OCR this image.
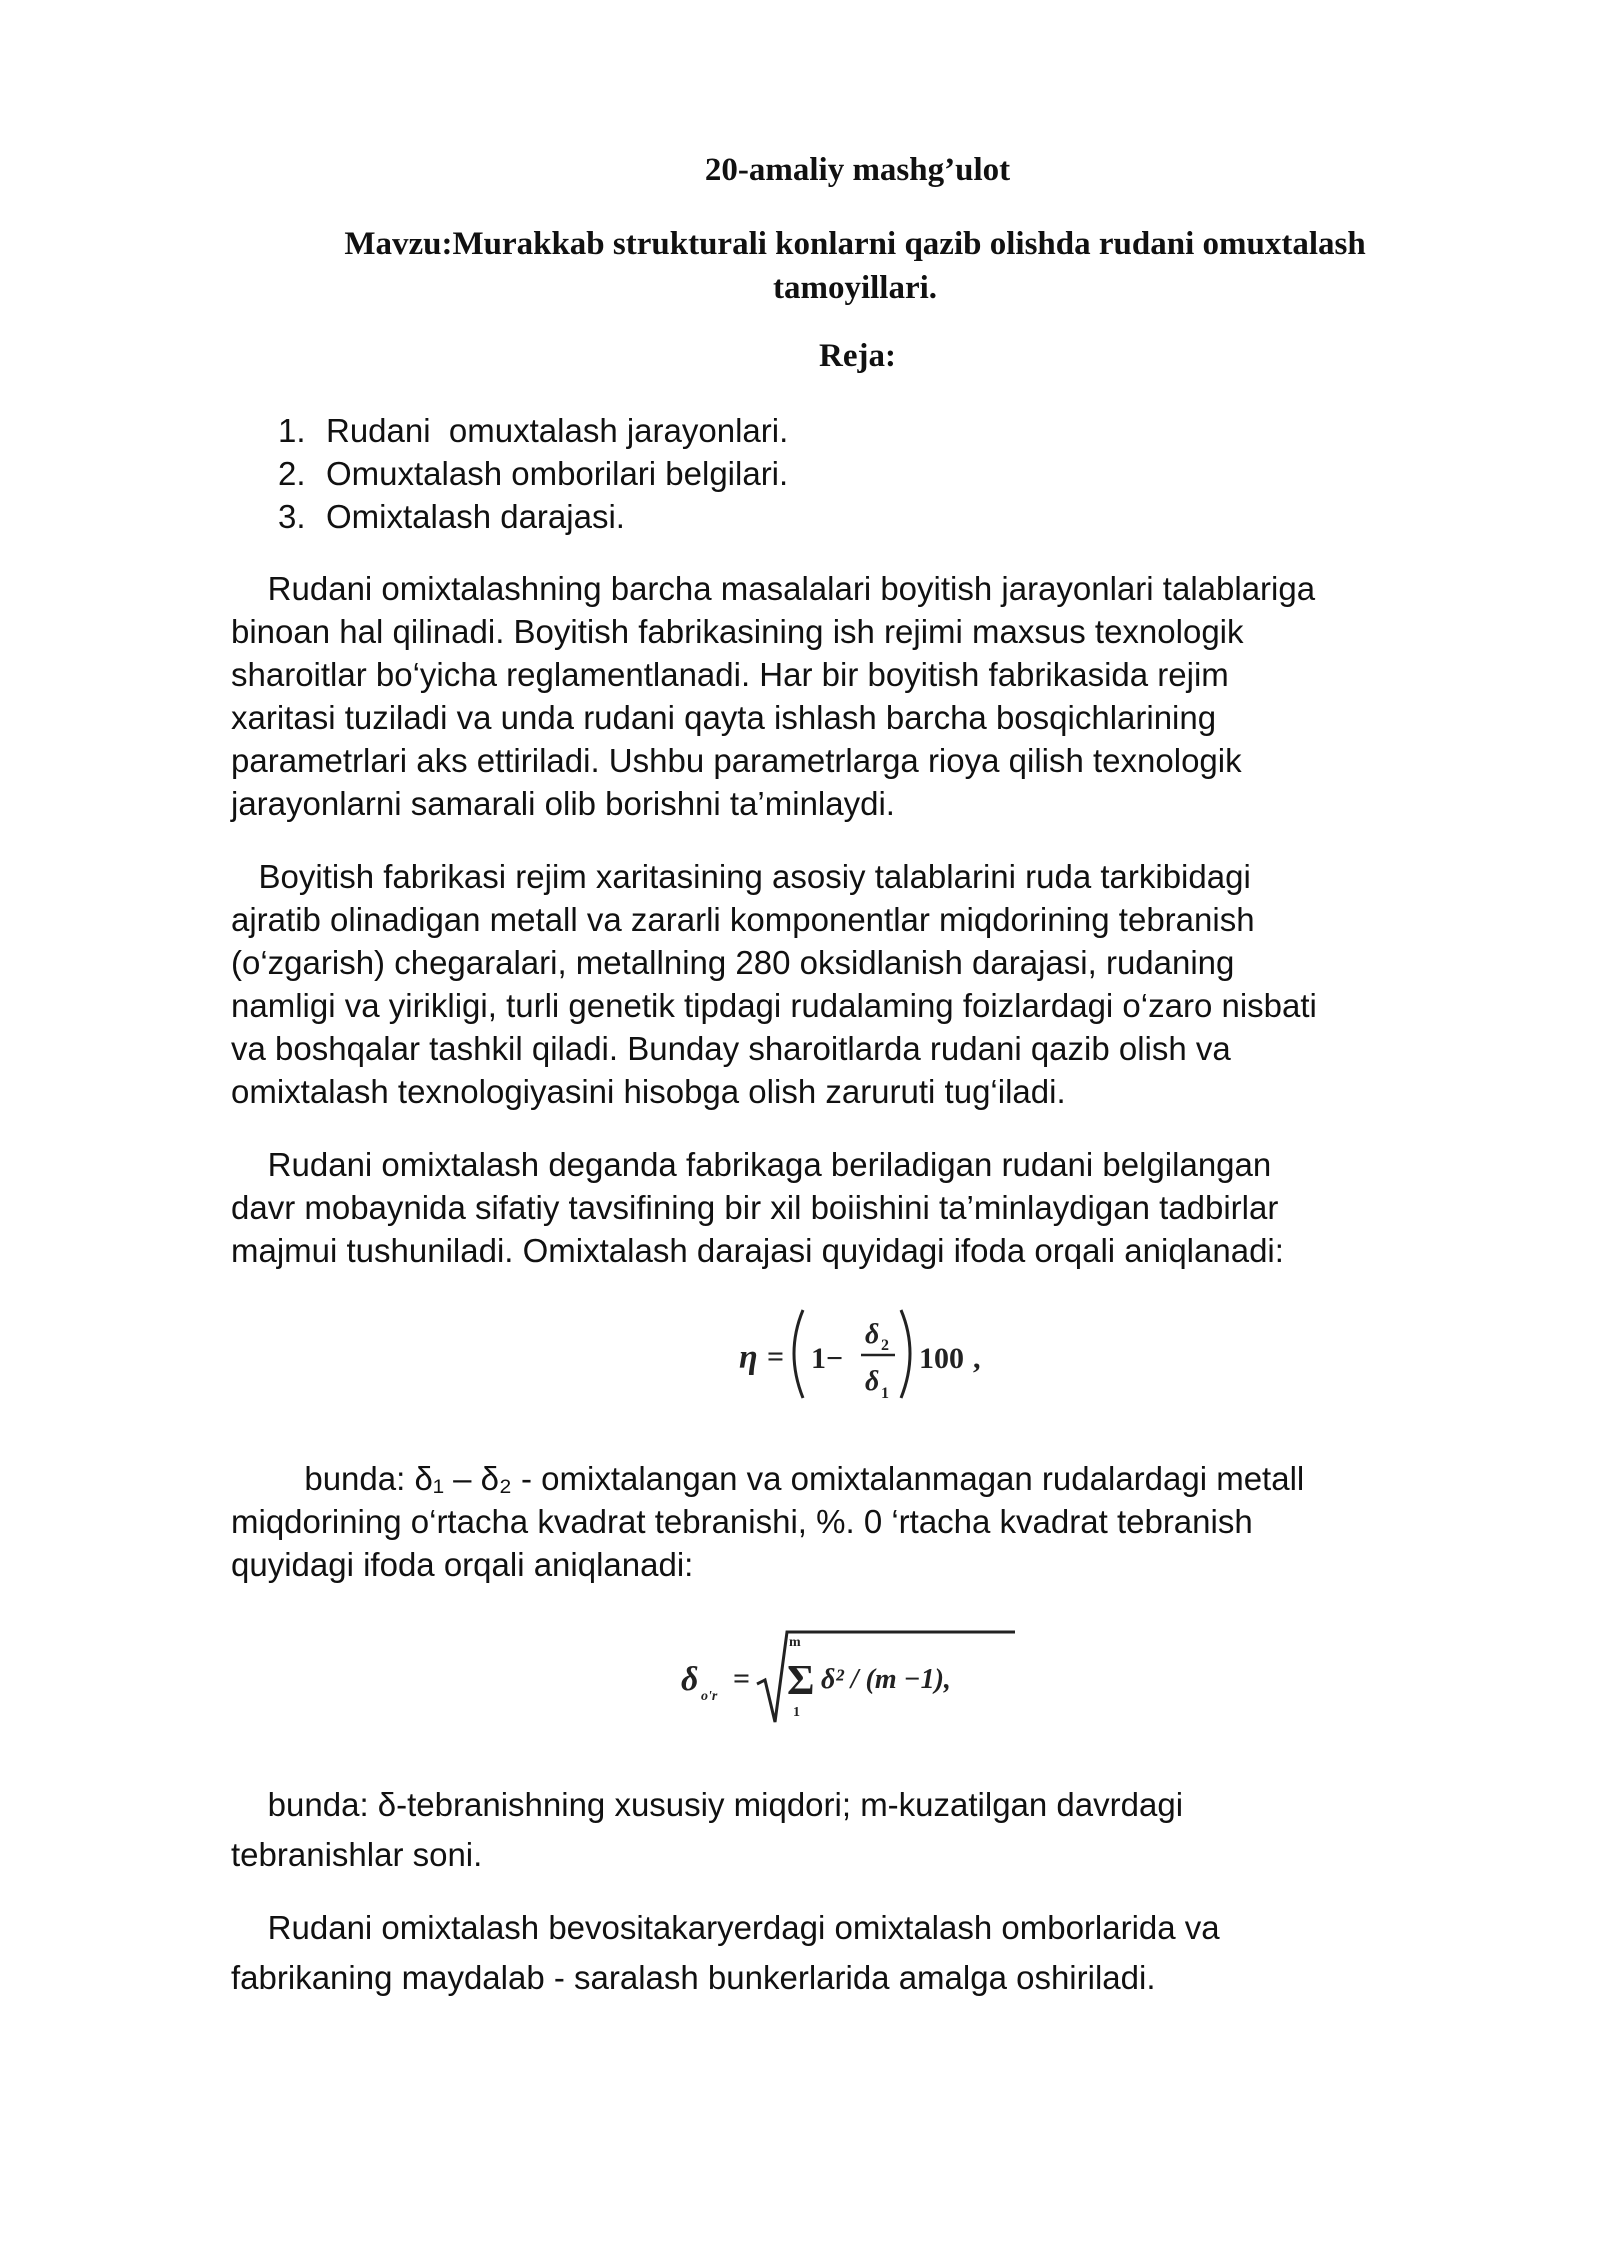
20-amaliy mashg’ulot
Mavzu:Murakkab strukturali konlarni qazib olishda rudani omuxtalash
tamoyillari.
Reja:
1. Rudani  omuxtalash jarayonlari.
2. Omuxtalash omborilari belgilari.
3. Omixtalash darajasi.
Rudani omixtalashning barcha masalalari boyitish jarayonlari talablariga
binoan hal qilinadi. Boyitish fabrikasining ish rejimi maxsus texnologik
sharoitlar bo‘yicha reglamentlanadi. Har bir boyitish fabrikasida rejim
xaritasi tuziladi va unda rudani qayta ishlash barcha bosqichlarining
parametrlari aks ettiriladi. Ushbu parametrlarga rioya qilish texnologik
jarayonlarni samarali olib borishni ta’minlaydi.
Boyitish fabrikasi rejim xaritasining asosiy talablarini ruda tarkibidagi
ajratib olinadigan metall va zararli komponentlar miqdorining tebranish
(o‘zgarish) chegaralari, metallning 280 oksidlanish darajasi, rudaning
namligi va yirikligi, turli genetik tipdagi rudalaming foizlardagi o‘zaro nisbati
va boshqalar tashkil qiladi. Bunday sharoitlarda rudani qazib olish va
omixtalash texnologiyasini hisobga olish zaruruti tug‘iladi.
Rudani omixtalash deganda fabrikaga beriladigan rudani belgilangan
davr mobaynida sifatiy tavsifining bir xil boiishini ta’minlaydigan tadbirlar
majmui tushuniladi. Omixtalash darajasi quyidagi ifoda orqali aniqlanadi:
η = 1−
δ 2
δ 1
100 ,
bunda: δ₁ – δ₂ - omixtalangan va omixtalanmagan rudalardagi metall
miqdorining o‘rtacha kvadrat tebranishi, %. 0 ‘rtacha kvadrat tebranish
quyidagi ifoda orqali aniqlanadi:
δ o'r
=
m
Σ
1
δ² / (m −1),
bunda: δ-tebranishning xususiy miqdori; m-kuzatilgan davrdagi
tebranishlar soni.
Rudani omixtalash bevositakaryerdagi omixtalash omborlarida va
fabrikaning maydalab - saralash bunkerlarida amalga oshiriladi.
